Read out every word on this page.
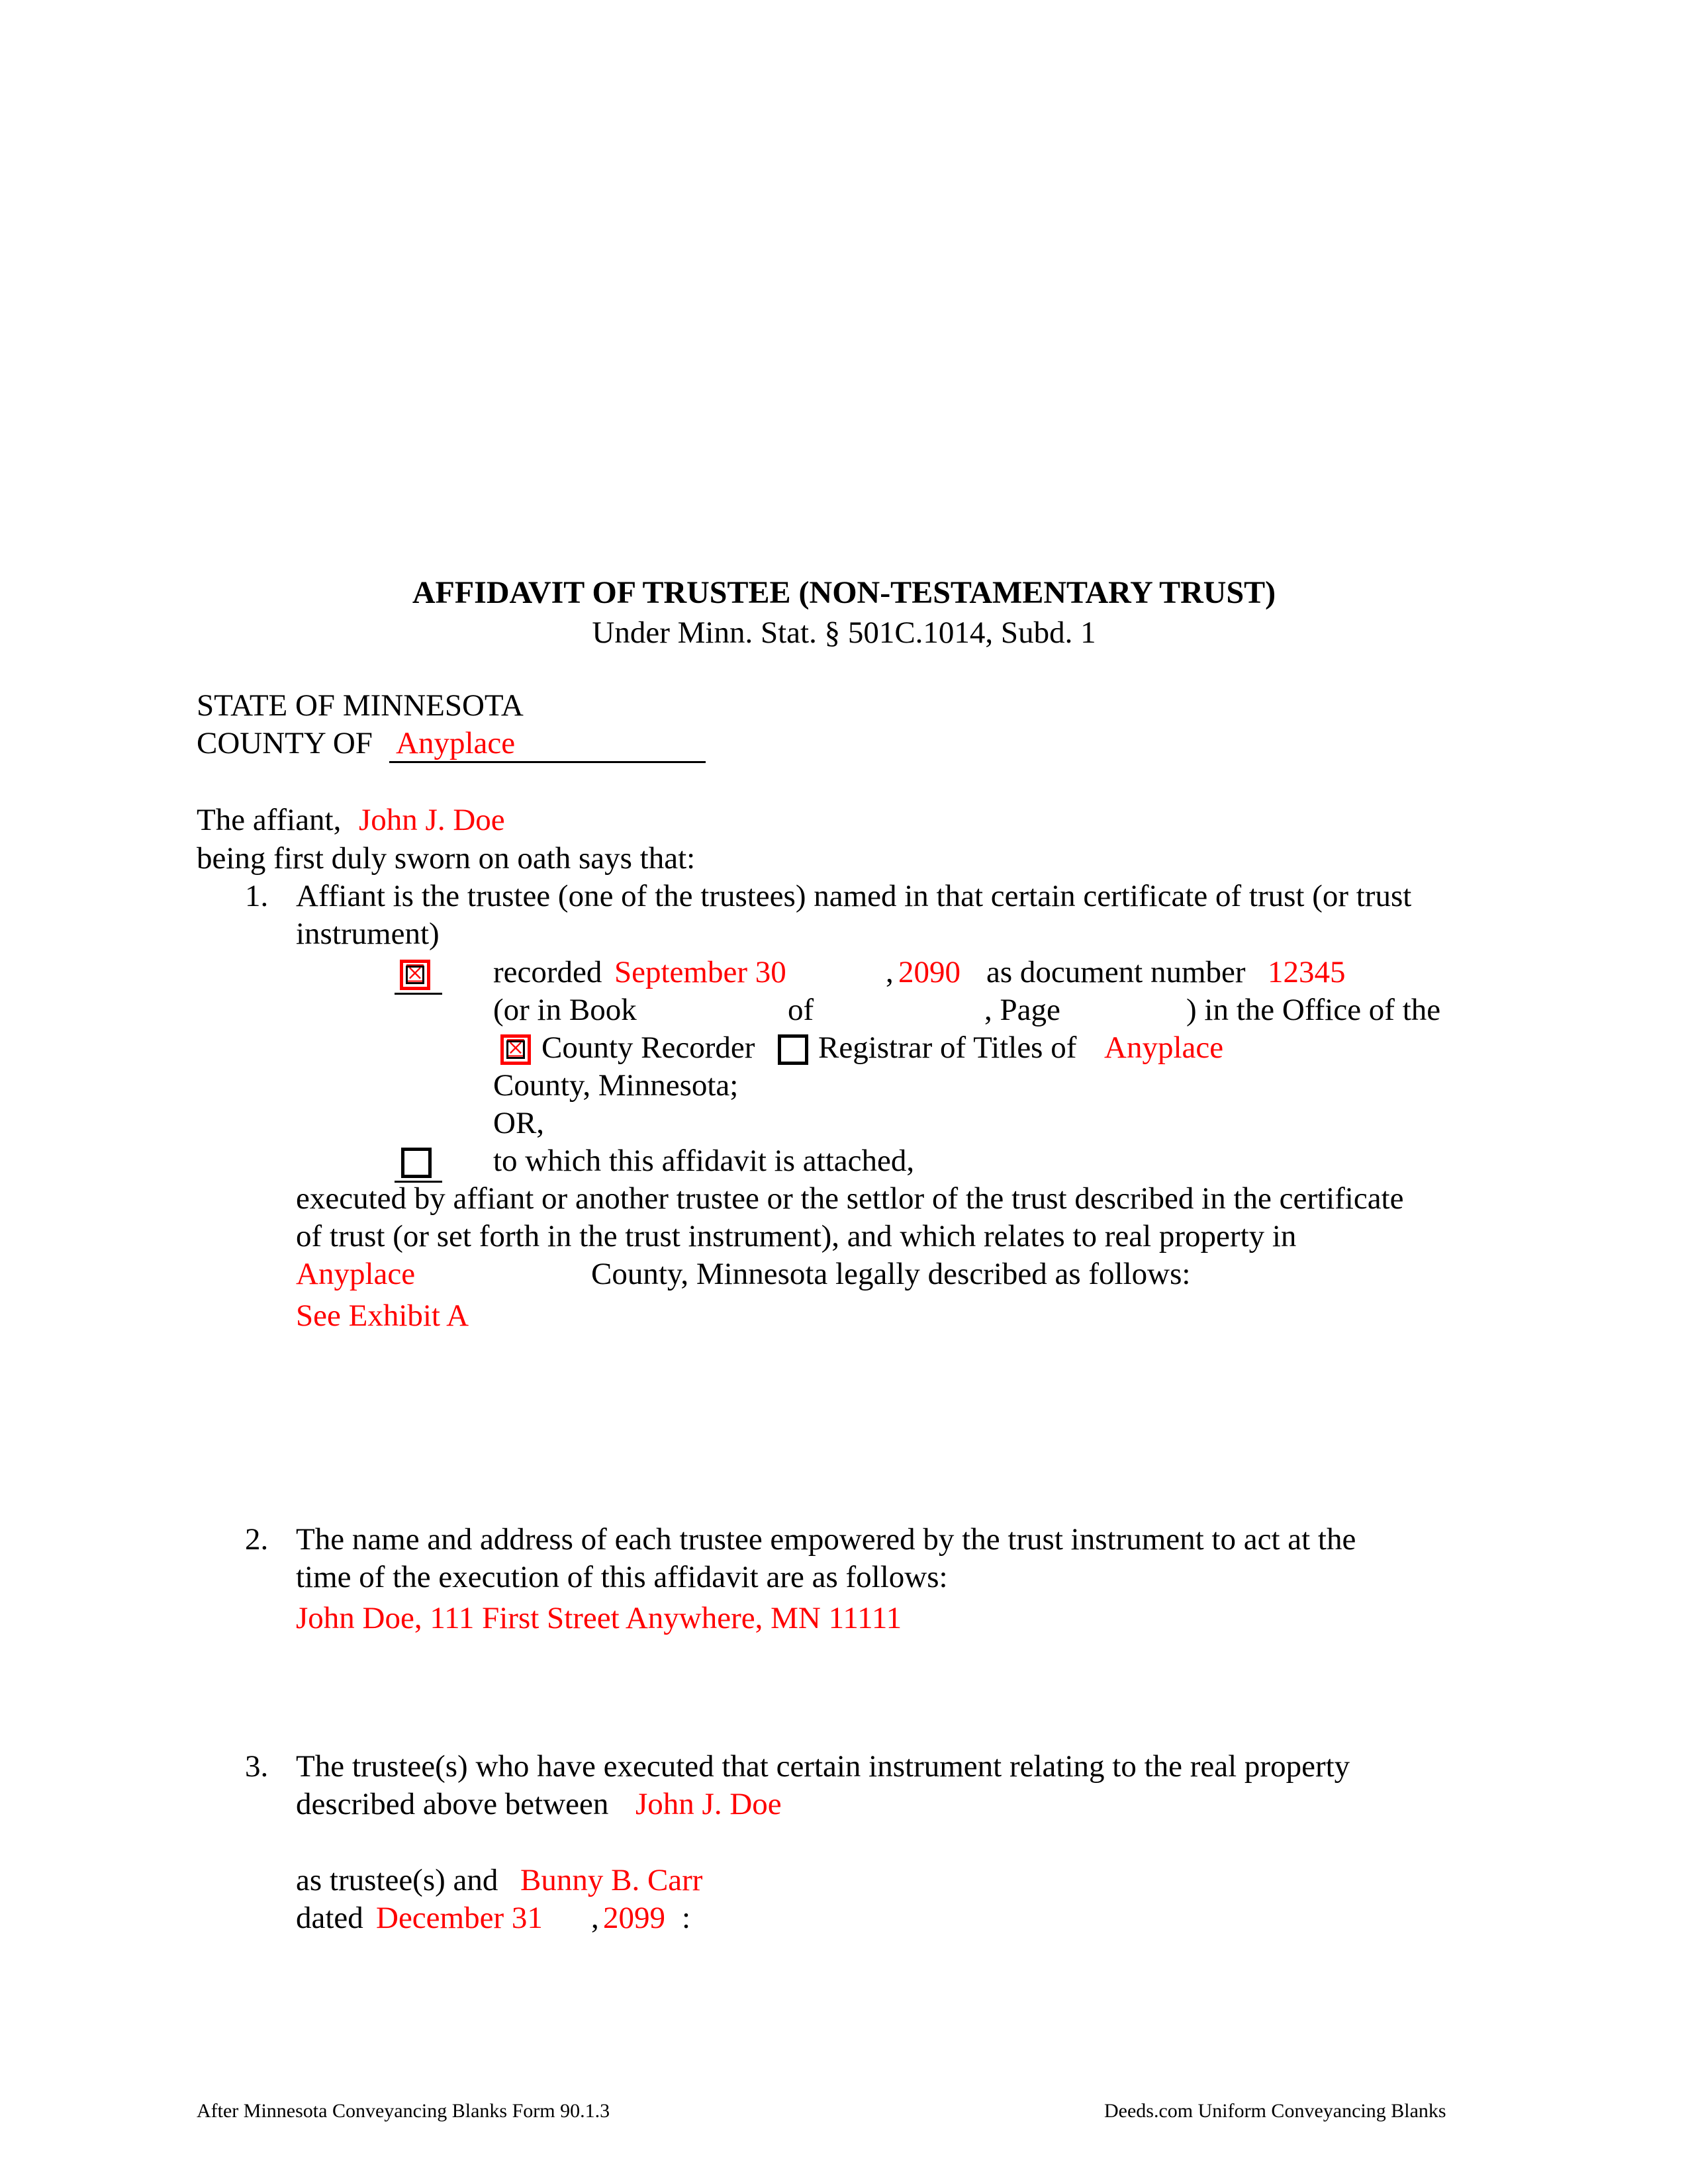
AFFIDAVIT OF TRUSTEE (NON-TESTAMENTARY TRUST)
Under Minn. Stat. § 501C.1014, Subd. 1
STATE OF MINNESOTA
COUNTY OF Anyplace
The affiant, John J. Doe
being first duly sworn on oath says that:
1. Affiant is the trustee (one of the trustees) named in that certain certificate of trust (or trust
instrument)
☒ recorded September 30	, 2090 as document number 12345
(or in Book	of	, Page	) in the Office of the
☒ County Recorder Registrar of Titles of Anyplace
County, Minnesota;
OR,
to which this affidavit is attached,
executed by affiant or another trustee or the settlor of the trust described in the certificate
of trust (or set forth in the trust instrument), and which relates to real property in
Anyplace	County, Minnesota legally described as follows:
See Exhibit A
2. The name and address of each trustee empowered by the trust instrument to act at the
time of the execution of this affidavit are as follows:
John Doe, 111 First Street Anywhere, MN 11111
3. The trustee(s) who have executed that certain instrument relating to the real property
described above between John J. Doe
as trustee(s) and Bunny B. Carr
dated December 31 , 2099 :
After Minnesota Conveyancing Blanks Form 90.1.3	Deeds.com Uniform Conveyancing Blanks
